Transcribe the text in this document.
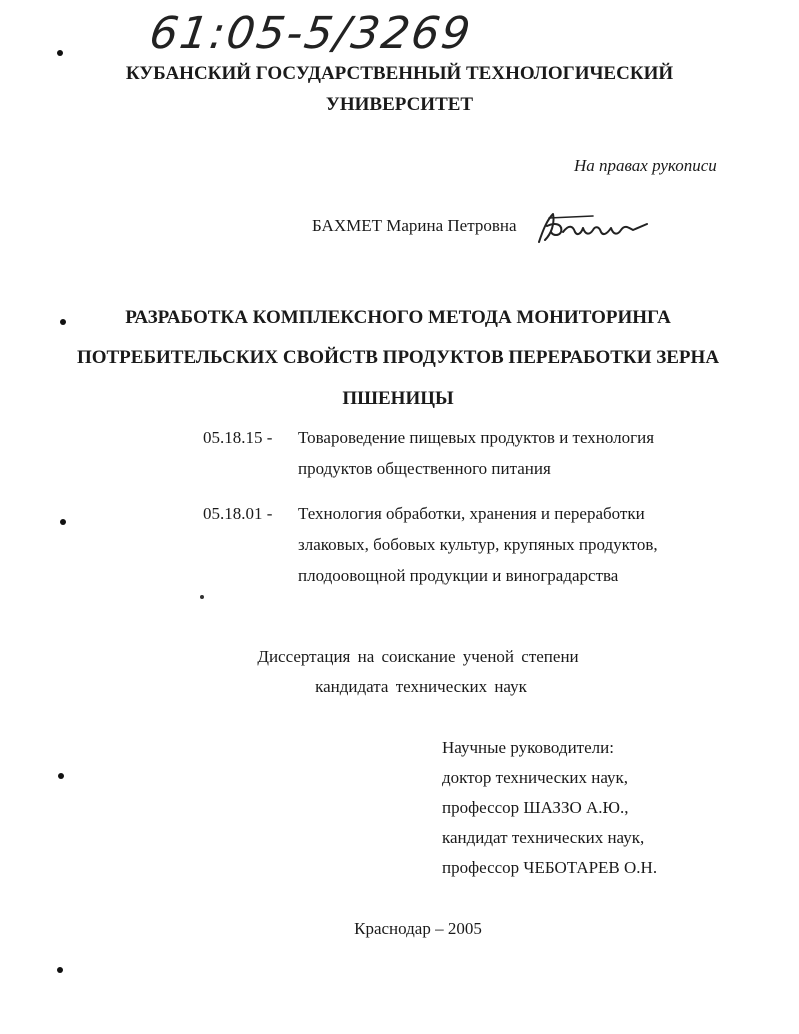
61:05-5/3269
КУБАНСКИЙ ГОСУДАРСТВЕННЫЙ ТЕХНОЛОГИЧЕСКИЙ
УНИВЕРСИТЕТ
На правах рукописи
БАХМЕТ Марина Петровна
РАЗРАБОТКА КОМПЛЕКСНОГО МЕТОДА МОНИТОРИНГА
ПОТРЕБИТЕЛЬСКИХ СВОЙСТВ ПРОДУКТОВ ПЕРЕРАБОТКИ ЗЕРНА
ПШЕНИЦЫ
05.18.15 - Товароведение пищевых продуктов и технология
продуктов общественного питания
05.18.01 - Технология обработки, хранения и переработки
злаковых, бобовых культур, крупяных продуктов,
плодоовощной продукции и виноградарства
Диссертация на соискание ученой степени
кандидата технических наук
Научные руководители:
доктор технических наук,
профессор ШАЗЗО А.Ю.,
кандидат технических наук,
профессор ЧЕБОТАРЕВ О.Н.
Краснодар – 2005
